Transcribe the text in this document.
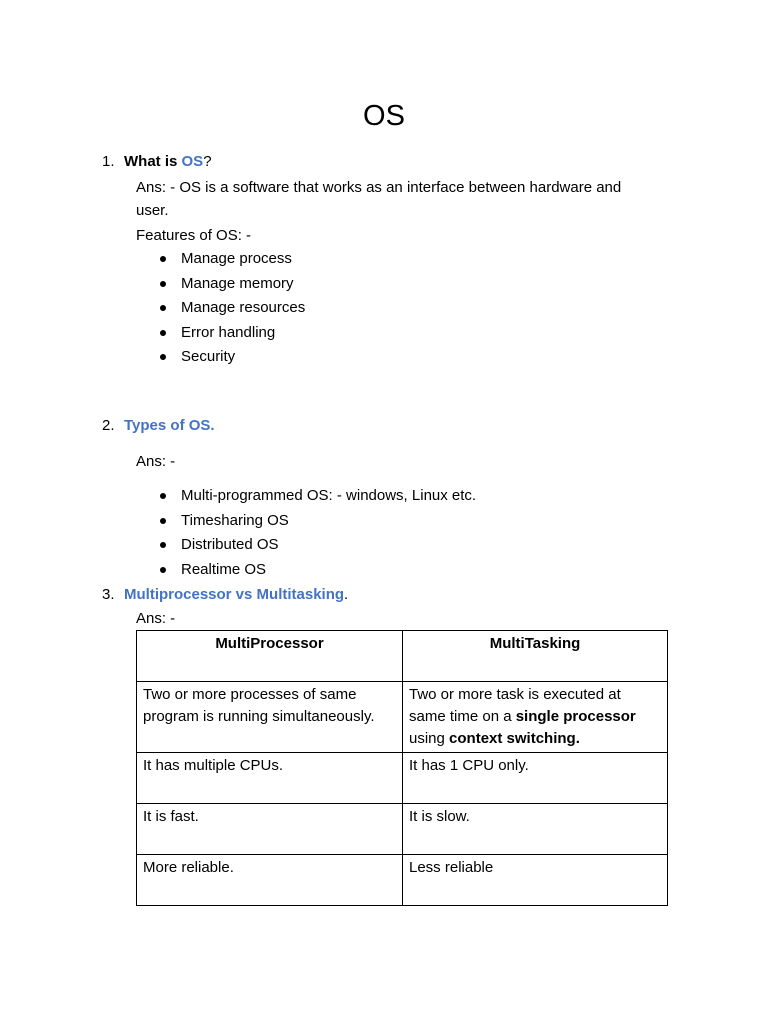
OS
1. What is OS?
Ans: - OS is a software that works as an interface between hardware and
user.
Features of OS: -
Manage process
Manage memory
Manage resources
Error handling
Security
2. Types of OS.
Ans: -
Multi-programmed OS: - windows, Linux etc.
Timesharing OS
Distributed OS
Realtime OS
3. Multiprocessor vs Multitasking.
Ans: -
MultiProcessor	MultiTasking
Two or more processes of same program is running simultaneously.	Two or more task is executed at same time on a single processor using context switching.
It has multiple CPUs.	It has 1 CPU only.
It is fast.	It is slow.
More reliable.	Less reliable
